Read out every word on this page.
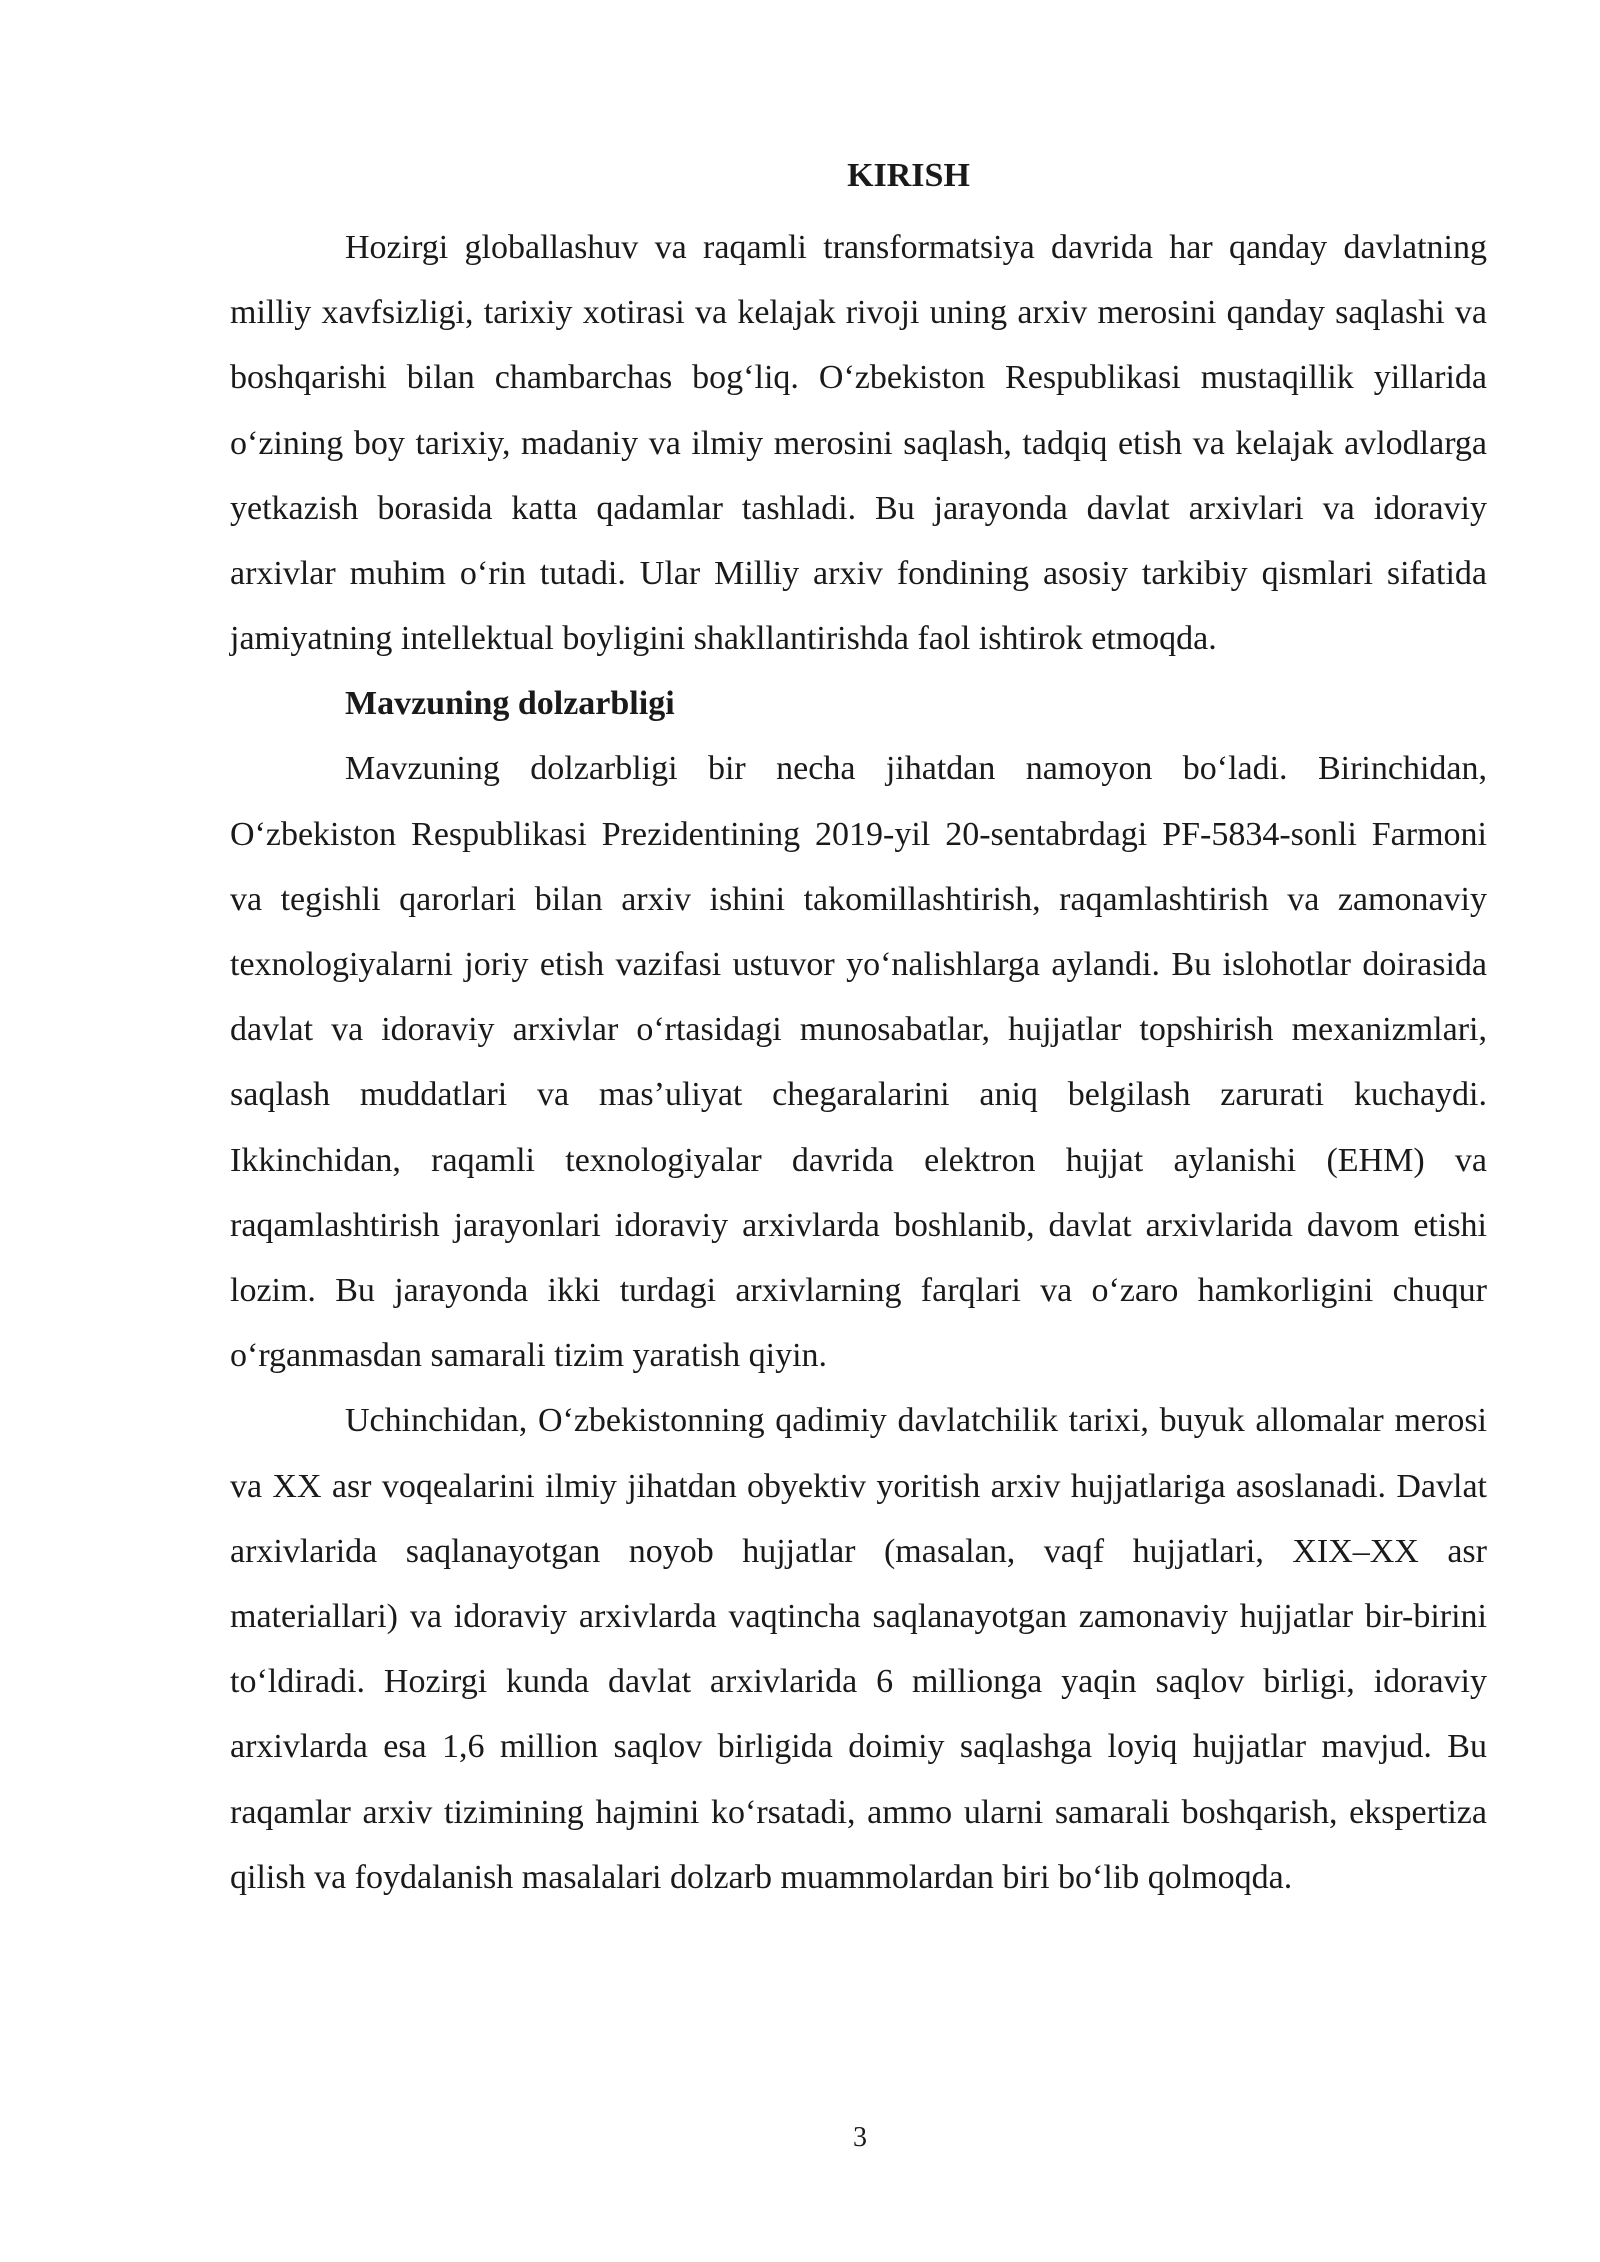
KIRISH

Hozirgi globallashuv va raqamli transformatsiya davrida har qanday davlatning milliy xavfsizligi, tarixiy xotirasi va kelajak rivoji uning arxiv merosini qanday saqlashi va boshqarishi bilan chambarchas bog‘liq. O‘zbekiston Respublikasi mustaqillik yillarida o‘zining boy tarixiy, madaniy va ilmiy merosini saqlash, tadqiq etish va kelajak avlodlarga yetkazish borasida katta qadamlar tashladi. Bu jarayonda davlat arxivlari va idoraviy arxivlar muhim o‘rin tutadi. Ular Milliy arxiv fondining asosiy tarkibiy qismlari sifatida jamiyatning intellektual boyligini shakllantirishda faol ishtirok etmoqda.

Mavzuning dolzarbligi

Mavzuning dolzarbligi bir necha jihatdan namoyon bo‘ladi. Birinchidan, O‘zbekiston Respublikasi Prezidentining 2019-yil 20-sentabrdagi PF-5834-sonli Farmoni va tegishli qarorlari bilan arxiv ishini takomillashtirish, raqamlashtirish va zamonaviy texnologiyalarni joriy etish vazifasi ustuvor yo‘nalishlarga aylandi. Bu islohotlar doirasida davlat va idoraviy arxivlar o‘rtasidagi munosabatlar, hujjatlar topshirish mexanizmlari, saqlash muddatlari va mas’uliyat chegaralarini aniq belgilash zarurati kuchaydi. Ikkinchidan, raqamli texnologiyalar davrida elektron hujjat aylanishi (EHM) va raqamlashtirish jarayonlari idoraviy arxivlarda boshlanib, davlat arxivlarida davom etishi lozim. Bu jarayonda ikki turdagi arxivlarning farqlari va o‘zaro hamkorligini chuqur o‘rganmasdan samarali tizim yaratish qiyin.

Uchinchidan, O‘zbekistonning qadimiy davlatchilik tarixi, buyuk allomalar merosi va XX asr voqealarini ilmiy jihatdan obyektiv yoritish arxiv hujjatlariga asoslanadi. Davlat arxivlarida saqlanayotgan noyob hujjatlar (masalan, vaqf hujjatlari, XIX–XX asr materiallari) va idoraviy arxivlarda vaqtincha saqlanayotgan zamonaviy hujjatlar bir-birini to‘ldiradi. Hozirgi kunda davlat arxivlarida 6 millionga yaqin saqlov birligi, idoraviy arxivlarda esa 1,6 million saqlov birligida doimiy saqlashga loyiq hujjatlar mavjud. Bu raqamlar arxiv tizimining hajmini ko‘rsatadi, ammo ularni samarali boshqarish, ekspertiza qilish va foydalanish masalalari dolzarb muammolardan biri bo‘lib qolmoqda.

3
